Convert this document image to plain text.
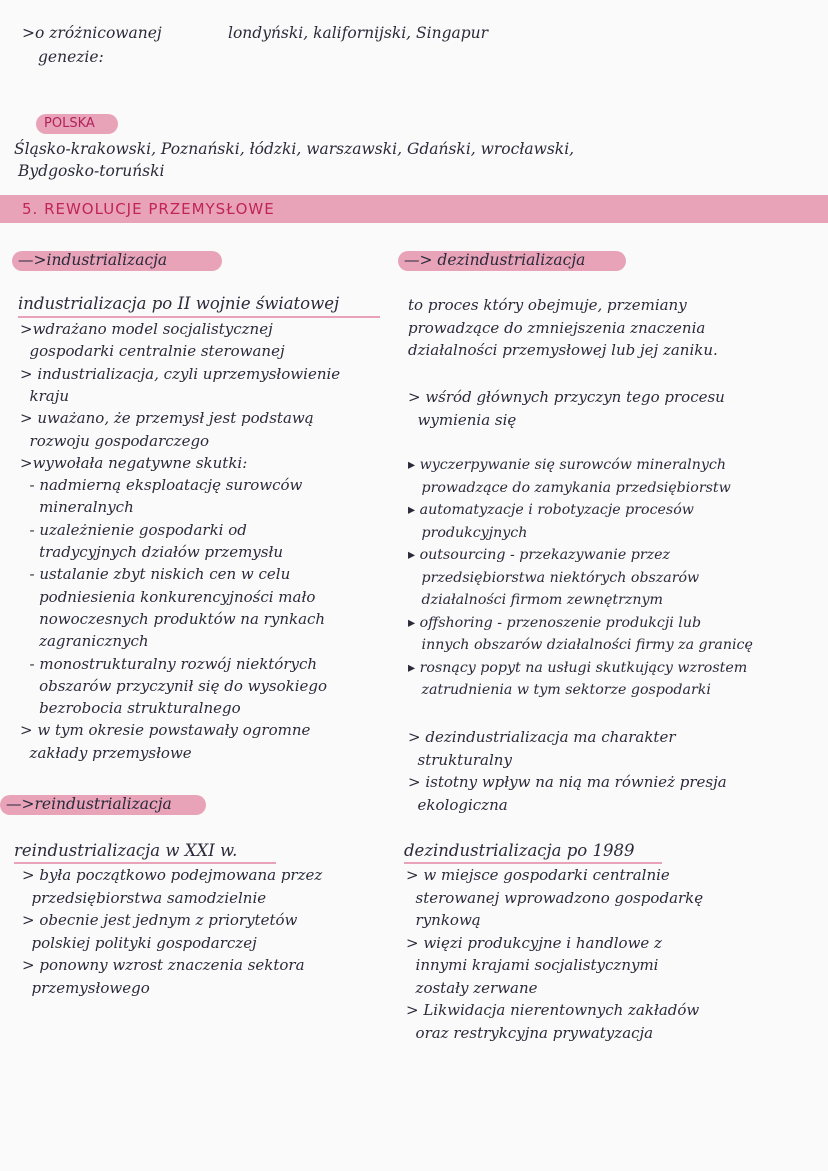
>o zróżnicowanej	londyński, kalifornijski, Singapur
genezie:
POLSKA
Śląsko-krakowski, Poznański, łódzki, warszawski, Gdański, wrocławski,
Bydgosko-toruński
5. REWOLUCJE PRZEMYSŁOWE
—>industrializacja
industrializacja po II wojnie światowej
>wdrażano model socjalistycznej
gospodarki centralnie sterowanej
> industrializacja, czyli uprzemysłowienie
kraju
> uważano, że przemysł jest podstawą
rozwoju gospodarczego
>wywołała negatywne skutki:
- nadmierną eksploatację surowców
mineralnych
- uzależnienie gospodarki od
tradycyjnych działów przemysłu
- ustalanie zbyt niskich cen w celu
podniesienia konkurencyjności mało
nowoczesnych produktów na rynkach
zagranicznych
- monostrukturalny rozwój niektórych
obszarów przyczynił się do wysokiego
bezrobocia strukturalnego
> w tym okresie powstawały ogromne
zakłady przemysłowe
—>reindustrializacja
reindustrializacja w XXI w.
> była początkowo podejmowana przez
przedsiębiorstwa samodzielnie
> obecnie jest jednym z priorytetów
polskiej polityki gospodarczej
> ponowny wzrost znaczenia sektora
przemysłowego
—> dezindustrializacja
to proces który obejmuje, przemiany
prowadzące do zmniejszenia znaczenia
działalności przemysłowej lub jej zaniku.
> wśród głównych przyczyn tego procesu
wymienia się
▸ wyczerpywanie się surowców mineralnych
prowadzące do zamykania przedsiębiorstw
▸ automatyzacje i robotyzacje procesów
produkcyjnych
▸ outsourcing - przekazywanie przez
przedsiębiorstwa niektórych obszarów
działalności firmom zewnętrznym
▸ offshoring - przenoszenie produkcji lub
innych obszarów działalności firmy za granicę
▸ rosnący popyt na usługi skutkujący wzrostem
zatrudnienia w tym sektorze gospodarki
> dezindustrializacja ma charakter
strukturalny
> istotny wpływ na nią ma również presja
ekologiczna
dezindustrializacja po 1989
> w miejsce gospodarki centralnie
sterowanej wprowadzono gospodarkę
rynkową
> więzi produkcyjne i handlowe z
innymi krajami socjalistycznymi
zostały zerwane
> Likwidacja nierentownych zakładów
oraz restrykcyjna prywatyzacja
